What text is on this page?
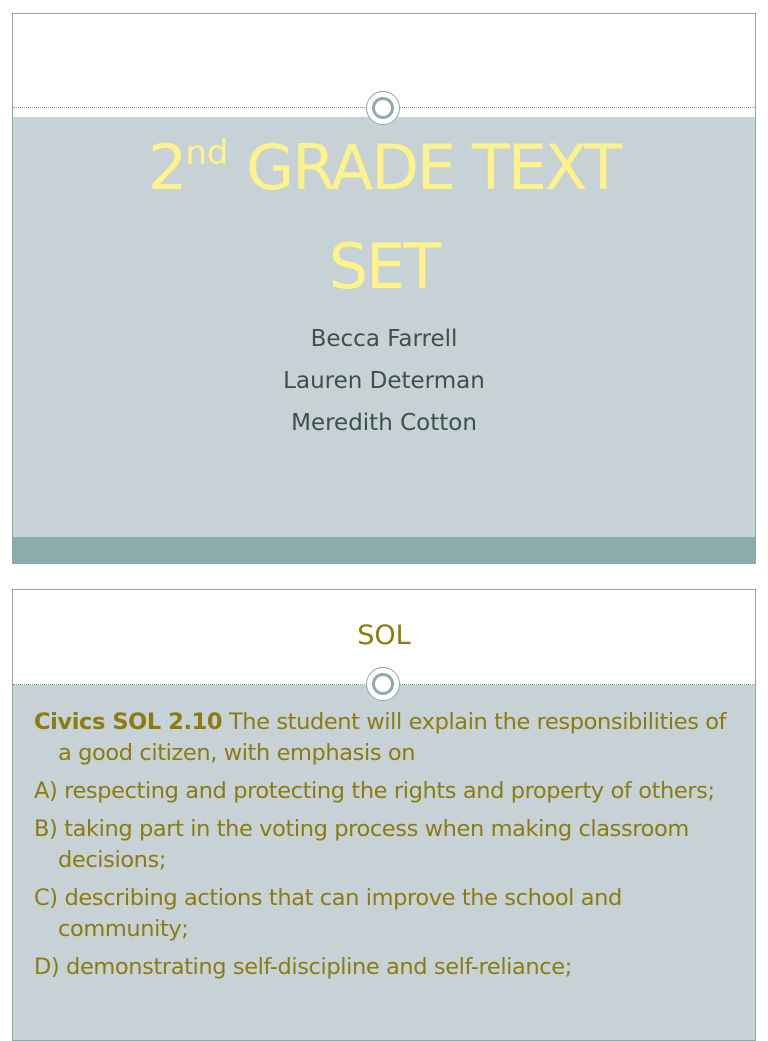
2nd GRADE TEXT
SET
Becca Farrell
Lauren Determan
Meredith Cotton
SOL
Civics SOL 2.10 The student will explain the responsibilities of a good citizen, with emphasis on
A) respecting and protecting the rights and property of others;
B) taking part in the voting process when making classroom decisions;
C) describing actions that can improve the school and community;
D) demonstrating self-discipline and self-reliance;
